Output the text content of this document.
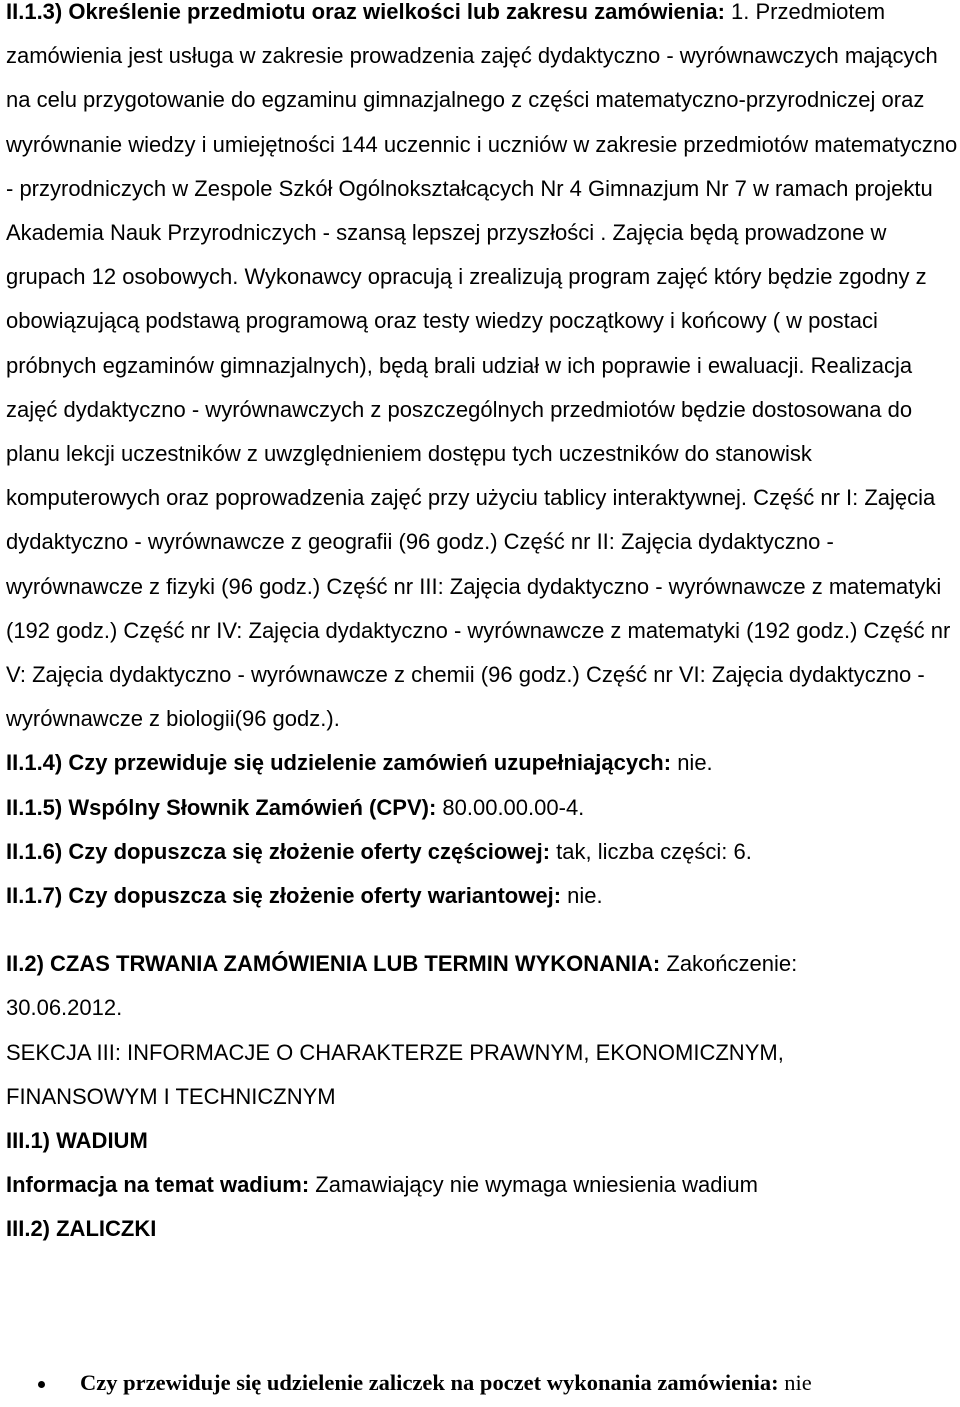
II.1.3) Określenie przedmiotu oraz wielkości lub zakresu zamówienia: 1. Przedmiotem zamówienia jest usługa w zakresie prowadzenia zajęć dydaktyczno - wyrównawczych mających na celu przygotowanie do egzaminu gimnazjalnego z części matematyczno-przyrodniczej oraz wyrównanie wiedzy i umiejętności 144 uczennic i uczniów w zakresie przedmiotów matematyczno - przyrodniczych w Zespole Szkół Ogólnokształcących Nr 4 Gimnazjum Nr 7 w ramach projektu Akademia Nauk Przyrodniczych - szansą lepszej przyszłości . Zajęcia będą prowadzone w grupach 12 osobowych. Wykonawcy opracują i zrealizują program zajęć który będzie zgodny z obowiązującą podstawą programową oraz testy wiedzy początkowy i końcowy ( w postaci próbnych egzaminów gimnazjalnych), będą brali udział w ich poprawie i ewaluacji. Realizacja zajęć dydaktyczno - wyrównawczych z poszczególnych przedmiotów będzie dostosowana do planu lekcji uczestników z uwzględnieniem dostępu tych uczestników do stanowisk komputerowych oraz poprowadzenia zajęć przy użyciu tablicy interaktywnej. Część nr I: Zajęcia dydaktyczno - wyrównawcze z geografii (96 godz.) Część nr II: Zajęcia dydaktyczno - wyrównawcze z fizyki (96 godz.) Część nr III: Zajęcia dydaktyczno - wyrównawcze z matematyki (192 godz.) Część nr IV: Zajęcia dydaktyczno - wyrównawcze z matematyki (192 godz.) Część nr V: Zajęcia dydaktyczno - wyrównawcze z chemii (96 godz.) Część nr VI: Zajęcia dydaktyczno - wyrównawcze z biologii(96 godz.).

II.1.4) Czy przewiduje się udzielenie zamówień uzupełniających: nie.

II.1.5) Wspólny Słownik Zamówień (CPV): 80.00.00.00-4.

II.1.6) Czy dopuszcza się złożenie oferty częściowej: tak, liczba części: 6.

II.1.7) Czy dopuszcza się złożenie oferty wariantowej: nie.

II.2) CZAS TRWANIA ZAMÓWIENIA LUB TERMIN WYKONANIA: Zakończenie:

30.06.2012.

SEKCJA III: INFORMACJE O CHARAKTERZE PRAWNYM, EKONOMICZNYM,

FINANSOWYM I TECHNICZNYM

III.1) WADIUM

Informacja na temat wadium: Zamawiający nie wymaga wniesienia wadium

III.2) ZALICZKI

Czy przewiduje się udzielenie zaliczek na poczet wykonania zamówienia: nie
